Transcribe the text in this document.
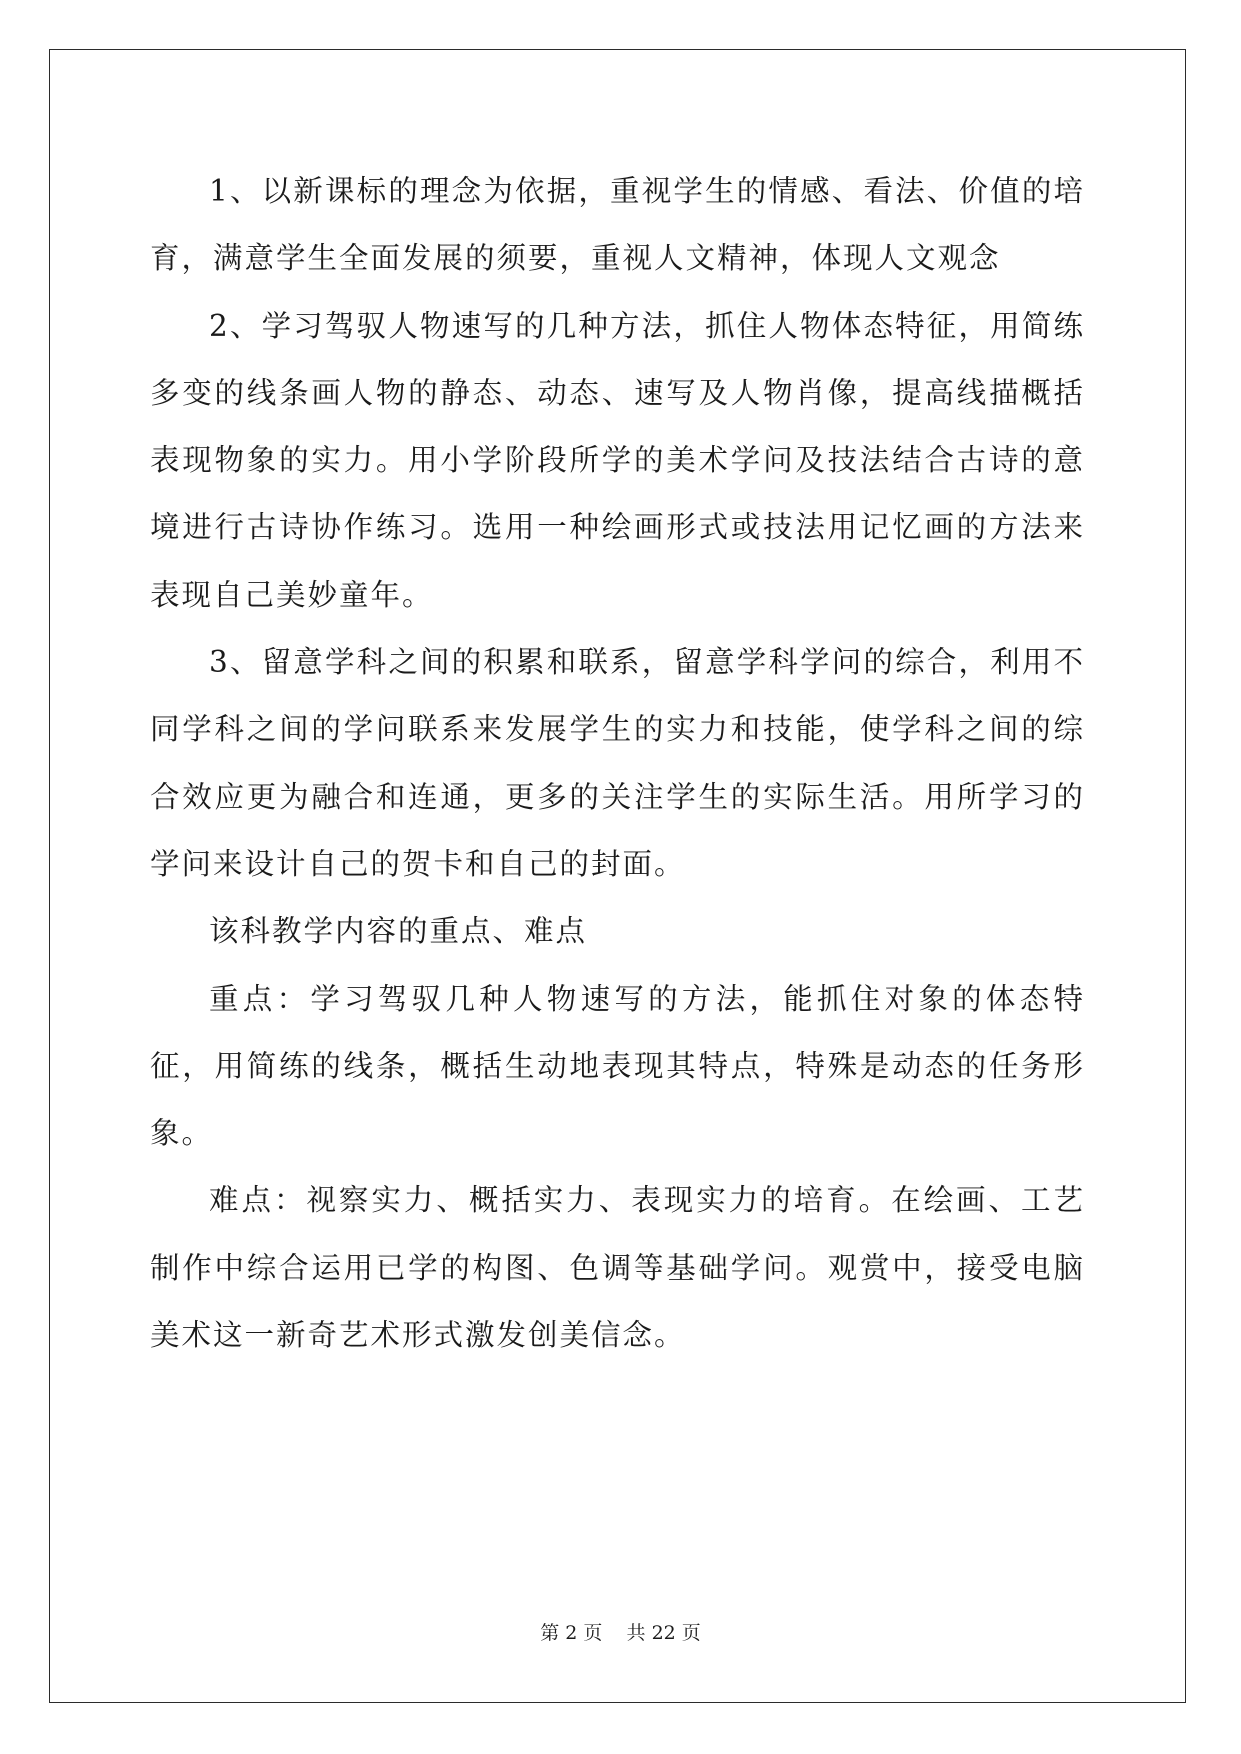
1、以新课标的理念为依据，重视学生的情感、看法、价值的培育，满意学生全面发展的须要，重视人文精神，体现人文观念

2、学习驾驭人物速写的几种方法，抓住人物体态特征，用简练多变的线条画人物的静态、动态、速写及人物肖像，提高线描概括表现物象的实力。用小学阶段所学的美术学问及技法结合古诗的意境进行古诗协作练习。选用一种绘画形式或技法用记忆画的方法来表现自己美妙童年。

3、留意学科之间的积累和联系，留意学科学问的综合，利用不同学科之间的学问联系来发展学生的实力和技能，使学科之间的综合效应更为融合和连通，更多的关注学生的实际生活。用所学习的学问来设计自己的贺卡和自己的封面。

该科教学内容的重点、难点

重点：学习驾驭几种人物速写的方法，能抓住对象的体态特征，用简练的线条，概括生动地表现其特点，特殊是动态的任务形象。

难点：视察实力、概括实力、表现实力的培育。在绘画、工艺制作中综合运用已学的构图、色调等基础学问。观赏中，接受电脑美术这一新奇艺术形式激发创美信念。

第 2 页    共 22 页
